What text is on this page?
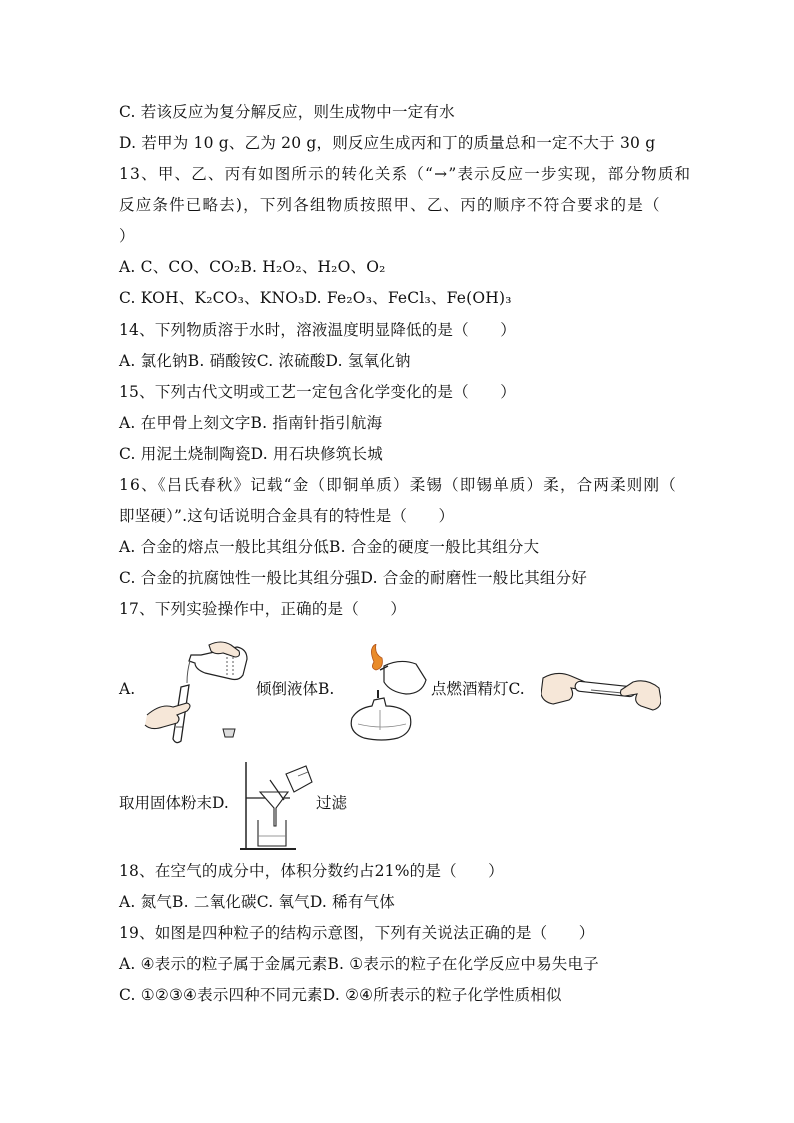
C. 若该反应为复分解反应，则生成物中一定有水
D. 若甲为 10 g、乙为 20 g，则反应生成丙和丁的质量总和一定不大于 30 g
13、甲、乙、丙有如图所示的转化关系（“→”表示反应一步实现，部分物质和
反应条件已略去)，下列各组物质按照甲、乙、丙的顺序不符合要求的是（
）
A. C、CO、CO₂B. H₂O₂、H₂O、O₂
C. KOH、K₂CO₃、KNO₃D. Fe₂O₃、FeCl₃、Fe(OH)₃
14、下列物质溶于水时，溶液温度明显降低的是（　　）
A. 氯化钠B. 硝酸铵C. 浓硫酸D. 氢氧化钠
15、下列古代文明或工艺一定包含化学变化的是（　　）
A. 在甲骨上刻文字B. 指南针指引航海
C. 用泥土烧制陶瓷D. 用石块修筑长城
16、《吕氏春秋》记载“金（即铜单质）柔锡（即锡单质）柔，合两柔则刚（
即坚硬）”.这句话说明合金具有的特性是（　　）
A. 合金的熔点一般比其组分低B. 合金的硬度一般比其组分大
C. 合金的抗腐蚀性一般比其组分强D. 合金的耐磨性一般比其组分好
17、下列实验操作中，正确的是（　　）
A.	倾倒液体B.	点燃酒精灯C.
取用固体粉末D.	过滤
18、在空气的成分中，体积分数约占21%的是（　　）
A. 氮气B. 二氧化碳C. 氧气D. 稀有气体
19、如图是四种粒子的结构示意图，下列有关说法正确的是（　　）
A. ④表示的粒子属于金属元素B. ①表示的粒子在化学反应中易失电子
C. ①②③④表示四种不同元素D. ②④所表示的粒子化学性质相似
